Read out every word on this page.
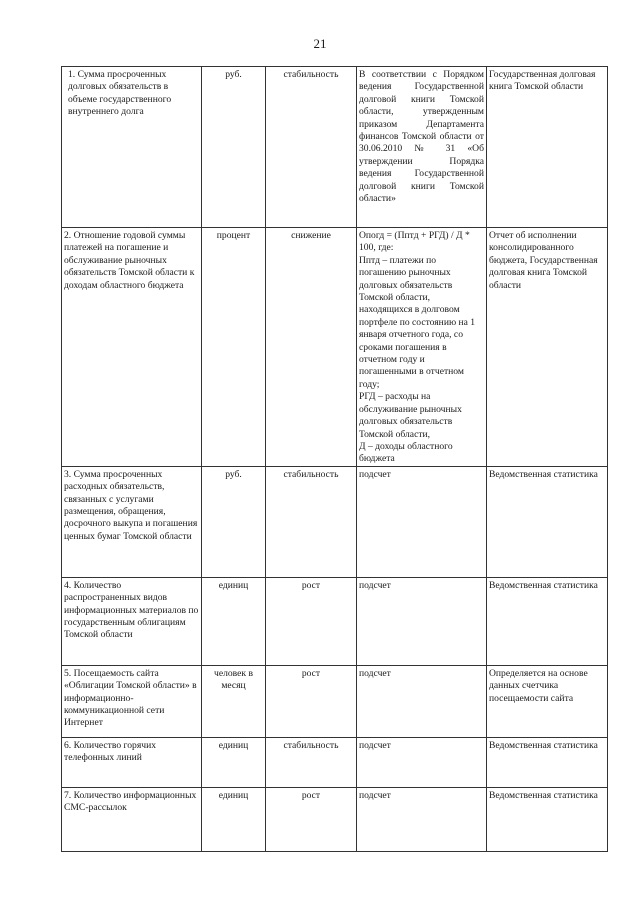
21
1. Сумма просроченных долговых обязательств в объеме государственного внутреннего долга	руб.	стабильность	В соответствии с Порядком ведения Государственной долговой книги Томской области, утвержденным приказом Департамента финансов Томской области от 30.06.2010 № 31 «Об утверждении Порядка ведения Государственной долговой книги Томской области»	Государственная долговая книга Томской области
2. Отношение годовой суммы платежей на погашение и обслуживание рыночных обязательств Томской области к доходам областного бюджета	процент	снижение	Опогд = (Пптд + РГД) / Д * 100, где:
Пптд – платежи по погашению рыночных долговых обязательств Томской области, находящихся в долговом портфеле по состоянию на 1 января отчетного года, со сроками погашения в отчетном году и погашенными в отчетном году;
РГД – расходы на обслуживание рыночных долговых обязательств Томской области,
Д – доходы областного бюджета	Отчет об исполнении консолидированного бюджета, Государственная долговая книга Томской области
3. Сумма просроченных расходных обязательств, связанных с услугами размещения, обращения, досрочного выкупа и погашения ценных бумаг Томской области	руб.	стабильность	подсчет	Ведомственная статистика
4. Количество распространенных видов информационных материалов по государственным облигациям Томской области	единиц	рост	подсчет	Ведомственная статистика
5. Посещаемость сайта «Облигации Томской области» в информационно-коммуникационной сети Интернет	человек в месяц	рост	подсчет	Определяется на основе данных счетчика посещаемости сайта
6. Количество горячих телефонных линий	единиц	стабильность	подсчет	Ведомственная статистика
7. Количество информационных СМС-рассылок	единиц	рост	подсчет	Ведомственная статистика
